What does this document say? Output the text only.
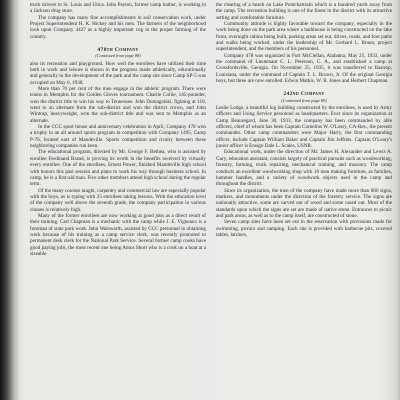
truck drivers to St. Louis and Utica. John Peyton, former camp barber, is working in a Jackson drug store.

The company has many fine accomplishments in soil conservation work, under Project Superintendent H. K. Hickey and his men. The farmers of the neighborhood look upon Company 4427 as a highly important cog in the proper farming of the country.

478th Company
(Continued from page 88)

also its recreation and playground. How well the enrollees have utilized their time both in work and leisure is shown in the progress made athletically, educationally and generally in the development of the park and the camp site since Camp SP-5 was occupied on May 6, 1938.

More than 70 per cent of the men engage in the athletic program. There were teams in Memphis for the Golden Gloves tournament. Charlie Collie, 145-pounder, won the district title to win his way to Tennessee. John Domagolski, fighting at 118, went to an alternate from the sub-district and won the district crown, and John Wintrup, heavyweight, won the sub-district title and was sent to Memphis as an alternate.

In the CCC sport house and anniversary celebration in April, Company 478 won a trophy in an all around sports program in competition with Company 1495, Camp P-76, located east of Mandeville. Sports competition and rivalry between these neighboring companies run keen.

The educational program, directed by Mr. George F. Bethea, who is assisted by enrollee Ferdinand Brand, is proving its worth in the benefits received by virtually every enrollee. One of the enrollees, Ernest Power, finished Mandeville high school with honors this past session and plans to work his way through business school. In camp, he is a first-aid man. Five other members attend high school during the regular term.

Of the many courses taught, carpentry and commercial law are especially popular with the boys, as is typing with 25 enrollees taking lessons. With the education level of the company well above the seventh grade, the company participation in various classes is relatively high.

Many of the former enrollees are now working at good jobs as a direct result of their training. Carl Chapman is a mechanic with the camp while J. E. Vigneaux is a foreman of state park work. John Walsworth, assisted by CCC personnel in obtaining work because of his training as a camp service clerk, was recently promoted to permanent desk clerk for the National Park Service. Several former camp cooks have good paying jobs, the most recent one being Amos Short who is a cook on a boat at a sizeable

the clearing of a beach on Lake Pontchartrain which is a hundred yards away from the camp. The recreation building is one of the finest in the district with its attractive setting and comfortable furniture.

Community attitude is highly favorable toward the company, especially in the work being done on the park area where a bathhouse is being constructed on the lake front, overnight cabins being built, parking areas set out, drives, roads, and foot paths and walks being worked, under the leadership of Mr. Gerhard L. Braun, project superintendent, and the members of his personnel.

Company 478 was organized in Fort McClellan, Alabama, May 25, 1933, under the command of Lieutenant C. L. Peterson, C. A., and established a camp at Crossfordsville, Georgia. On November 25, 1935, it was transferred to Bastrop, Louisiana, under the command of Captain T. L. Brown, Jr. Of the original Georgia boys, but three are now enrolled. Edwin Mathis, W. R. Jones and Herbert Chapman.

242nd Company
(Continued from page 89)

Leslie Lodge, a beautiful log building constructed by the enrollees, is used by Army officers and Using Service personnel as headquarters. Ever since its organization at Camp Beauregard, June 30, 1933, the company has been commanded by able officers, chief of whom has been Captain Cornelius W. O'Leary, CA-Res., the present commander. Other camp commanders were Major Harry, the first commanding officer, include Captain William Baker and Captain Jim Jeffries. Captain O'Leary's junior officer is Ensign Dale L. Scales, USNR.

Educational work, under the direction of Mr. James H. Alexander and Lewis A. Gary, education assistant, consists largely of practical pursuits such as woodworking, forestry, farming, truck repairing, mechanical training, and masonry. The camp conducts an excellent woodworking shop with 10 men making furniture, as families, hammer handles, and a variety of woodwork objects used in the camp and throughout the district.

Since its organization, the men of the company have made more than 800 signs, markers, and monuments under the direction of the forestry service. The signs are nationally attractive, some are carved out of wood and some cased out. Most of the standards upon which the signs are set are made of native stone. Entrances to picnic and park areas, as well as to the camp itself, are constructed of stone.

Seven camp sites have been set out in the reservation with provisions made for swimming, picnics and camping. Each site is provided with barbecue pits, covered tables, latrines,
